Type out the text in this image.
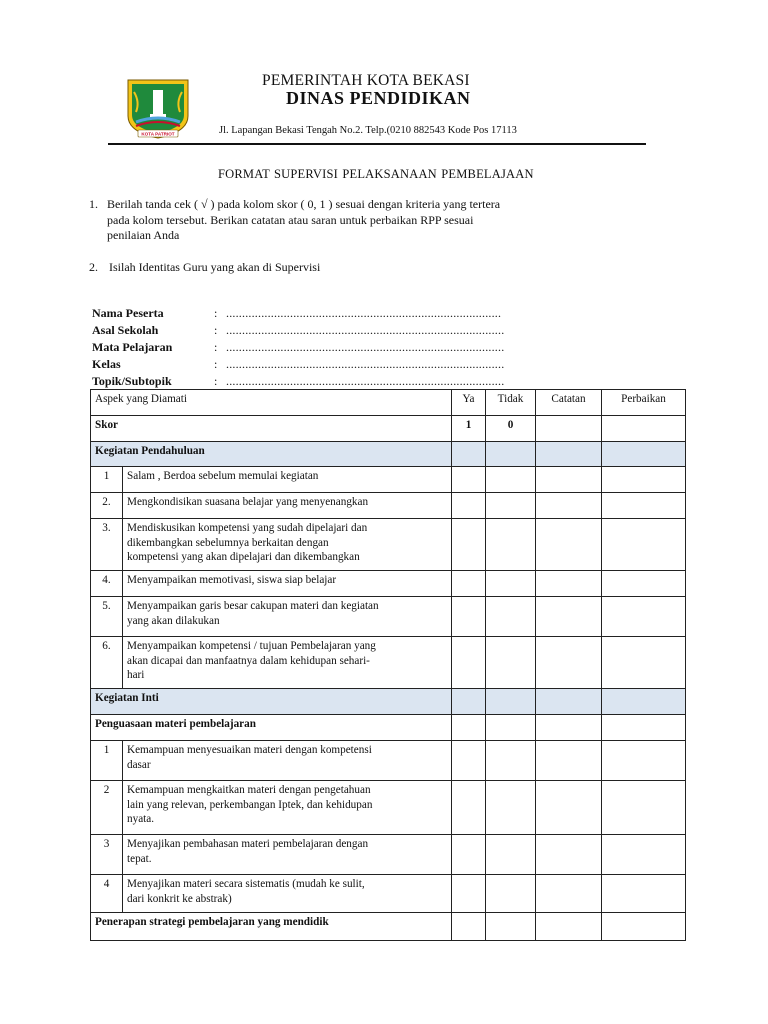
KOTA PATRIOT
PEMERINTAH KOTA BEKASI
DINAS PENDIDIKAN
Jl. Lapangan Bekasi Tengah No.2. Telp.(0210 882543 Kode Pos 17113
FORMAT SUPERVISI PELAKSANAAN PEMBELAJAAN
1. Berilah tanda cek ( √ ) pada kolom skor ( 0, 1 ) sesuai dengan kriteria yang tertera
pada kolom tersebut. Berikan catatan atau saran untuk perbaikan RPP sesuai
penilaian Anda
2. Isilah Identitas Guru yang akan di Supervisi
Nama Peserta	: ......................................................................................
Asal Sekolah	: .......................................................................................
Mata Pelajaran	: .......................................................................................
Kelas	: .......................................................................................
Topik/Subtopik	: .......................................................................................
Aspek yang Diamati		Ya	Tidak	Catatan	Perbaikan
Skor		1	0		
Kegiatan Pendahuluan					
1	Salam , Berdoa sebelum memulai kegiatan				

2.	Mengkondisikan suasana belajar yang menyenangkan				

3.	Mendiskusikan kompetensi yang sudah dipelajari dan
dikembangkan sebelumnya berkaitan dengan
kompetensi yang akan dipelajari dan dikembangkan				

4.	Menyampaikan memotivasi, siswa siap belajar				

5.	Menyampaikan garis besar cakupan materi dan kegiatan
yang akan dilakukan				

6.	Menyampaikan kompetensi / tujuan Pembelajaran yang
akan dicapai dan manfaatnya dalam kehidupan sehari-
hari				

Kegiatan Inti					
Penguasaan materi pembelajaran					
1	Kemampuan menyesuaikan materi dengan kompetensi
dasar				

2	Kemampuan mengkaitkan materi dengan pengetahuan
lain yang relevan, perkembangan Iptek, dan kehidupan
nyata.				

3	Menyajikan pembahasan materi pembelajaran dengan
tepat.				

4	Menyajikan materi secara sistematis (mudah ke sulit,
dari konkrit ke abstrak)				

Penerapan strategi pembelajaran yang mendidik					
